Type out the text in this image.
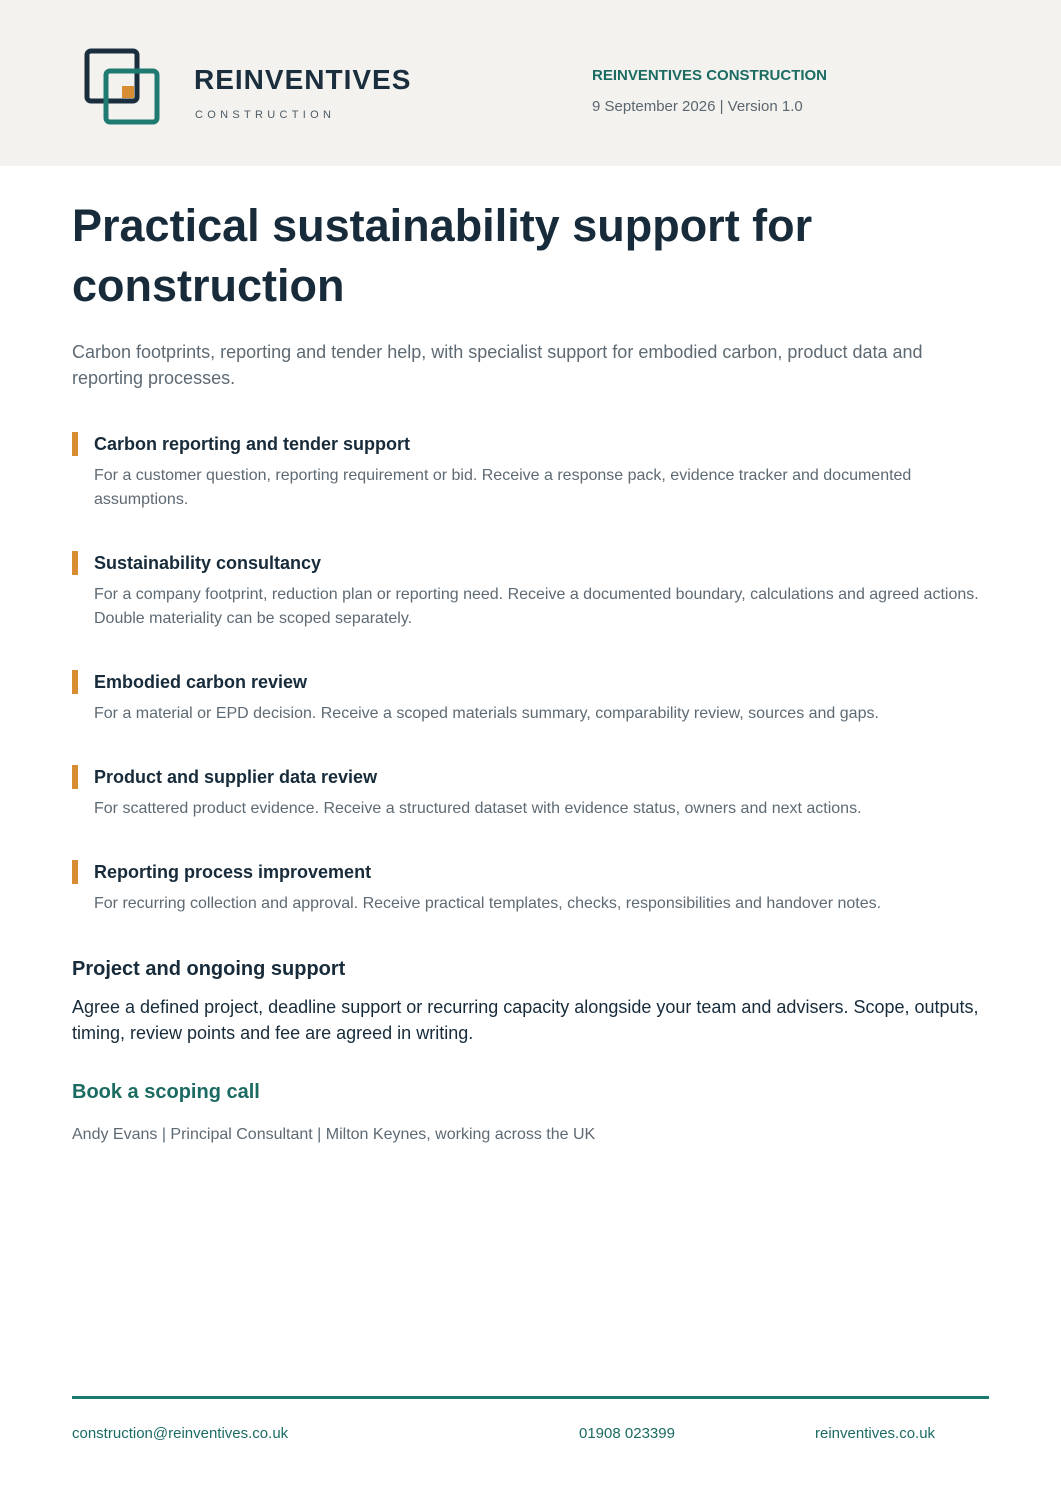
REINVENTIVES
CONSTRUCTION
REINVENTIVES CONSTRUCTION
9 September 2026 | Version 1.0
Practical sustainability support for construction

Carbon footprints, reporting and tender help, with specialist support for embodied carbon, product data and reporting processes.

Carbon reporting and tender support

For a customer question, reporting requirement or bid. Receive a response pack, evidence tracker and documented assumptions.

Sustainability consultancy

For a company footprint, reduction plan or reporting need. Receive a documented boundary, calculations and agreed actions. Double materiality can be scoped separately.

Embodied carbon review

For a material or EPD decision. Receive a scoped materials summary, comparability review, sources and gaps.

Product and supplier data review

For scattered product evidence. Receive a structured dataset with evidence status, owners and next actions.

Reporting process improvement

For recurring collection and approval. Receive practical templates, checks, responsibilities and handover notes.

Project and ongoing support

Agree a defined project, deadline support or recurring capacity alongside your team and advisers. Scope, outputs, timing, review points and fee are agreed in writing.

Book a scoping call

Andy Evans | Principal Consultant | Milton Keynes, working across the UK

construction@reinventives.co.uk	01908 023399	reinventives.co.uk
